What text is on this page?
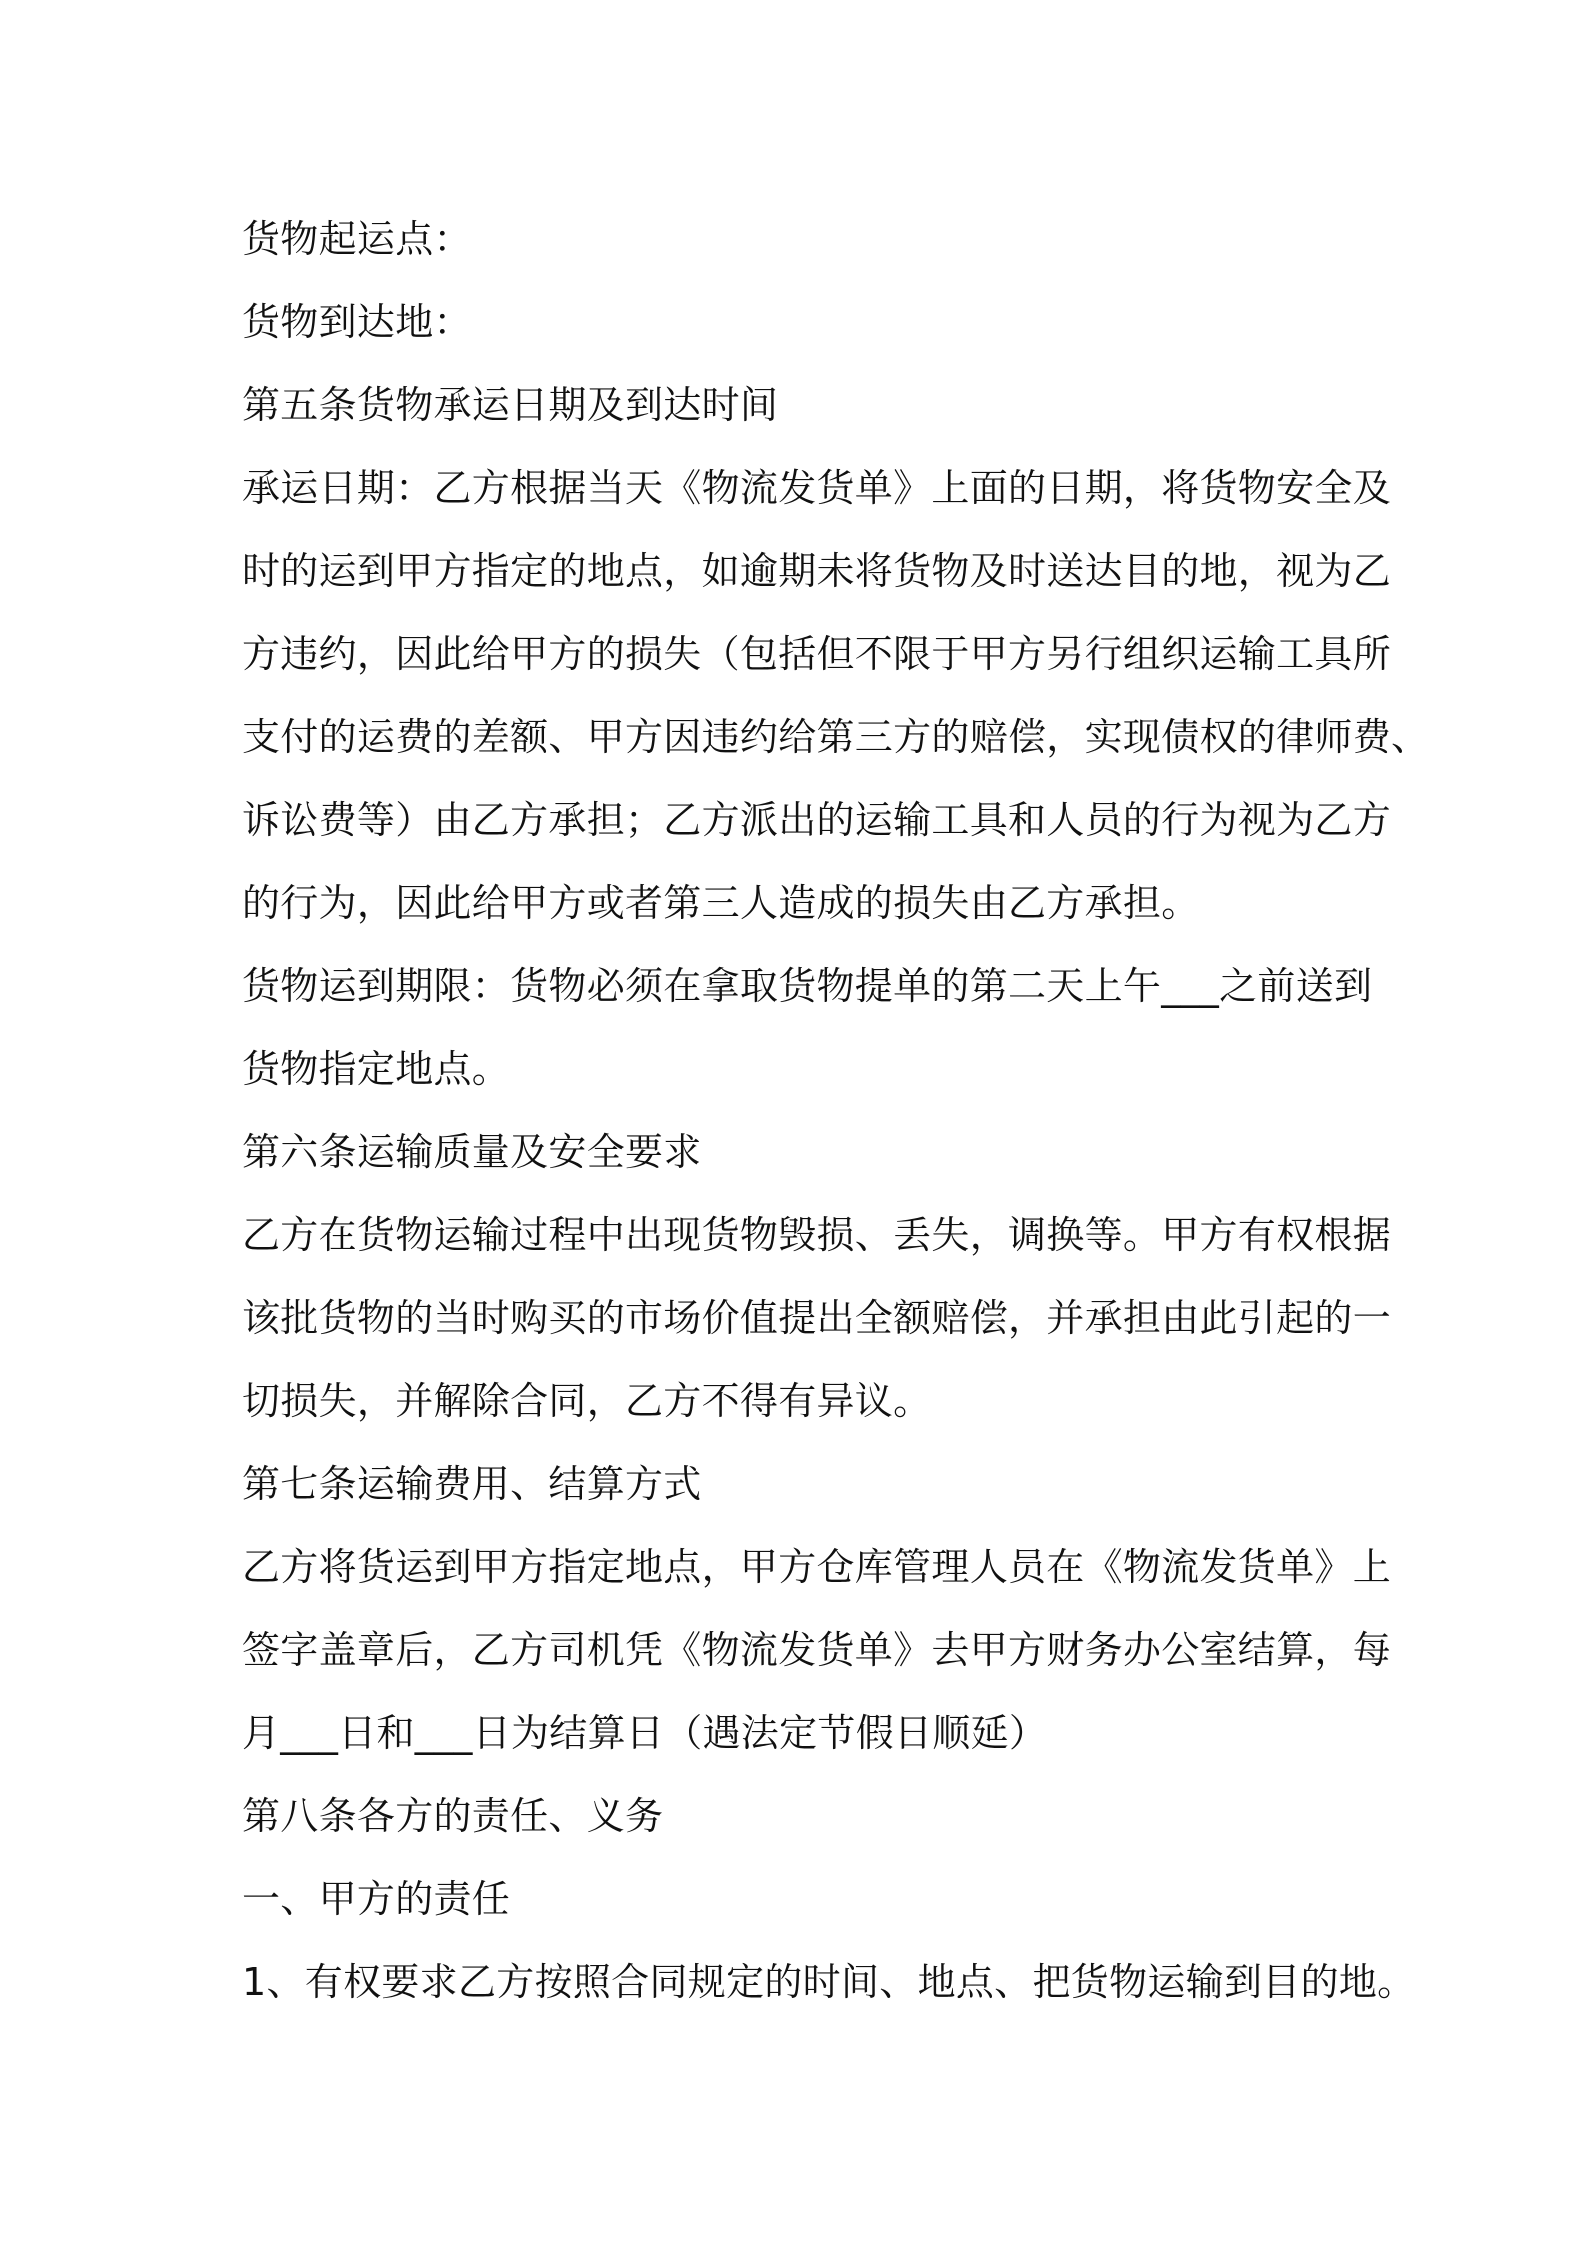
货物起运点：
货物到达地：
第五条货物承运日期及到达时间
承运日期：乙方根据当天《物流发货单》上面的日期，将货物安全及
时的运到甲方指定的地点，如逾期未将货物及时送达目的地，视为乙
方违约，因此给甲方的损失（包括但不限于甲方另行组织运输工具所
支付的运费的差额、甲方因违约给第三方的赔偿，实现债权的律师费、
诉讼费等）由乙方承担；乙方派出的运输工具和人员的行为视为乙方
的行为，因此给甲方或者第三人造成的损失由乙方承担。
货物运到期限：货物必须在拿取货物提单的第二天上午___之前送到
货物指定地点。
第六条运输质量及安全要求
乙方在货物运输过程中出现货物毁损、丢失，调换等。甲方有权根据
该批货物的当时购买的市场价值提出全额赔偿，并承担由此引起的一
切损失，并解除合同，乙方不得有异议。
第七条运输费用、结算方式
乙方将货运到甲方指定地点，甲方仓库管理人员在《物流发货单》上
签字盖章后，乙方司机凭《物流发货单》去甲方财务办公室结算，每
月___日和___日为结算日（遇法定节假日顺延）
第八条各方的责任、义务
一、甲方的责任
1、有权要求乙方按照合同规定的时间、地点、把货物运输到目的地。
